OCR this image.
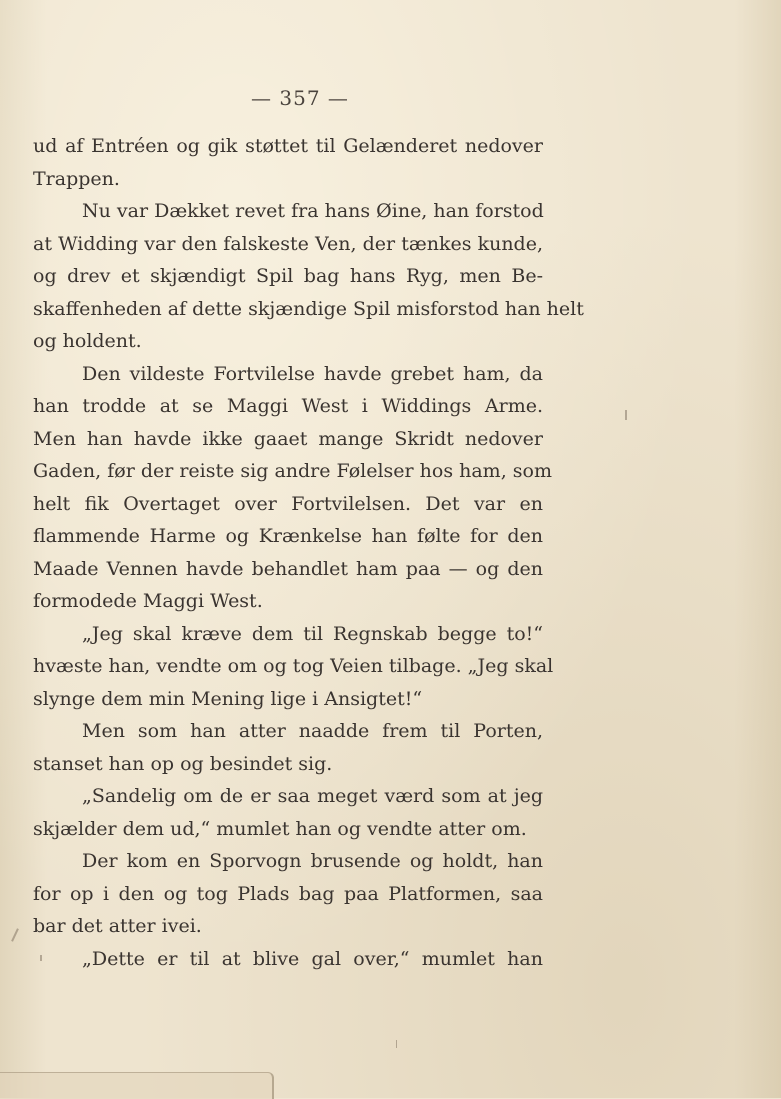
— 357 —
ud af Entréen og gik støttet til Gelænderet nedover
Trappen.
Nu var Dækket revet fra hans Øine, han forstod
at Widding var den falskeste Ven, der tænkes kunde,
og drev et skjændigt Spil bag hans Ryg, men Be-
skaffenheden af dette skjændige Spil misforstod han helt
og holdent.
Den vildeste Fortvilelse havde grebet ham, da
han trodde at se Maggi West i Widdings Arme.
Men han havde ikke gaaet mange Skridt nedover
Gaden, før der reiste sig andre Følelser hos ham, som
helt fik Overtaget over Fortvilelsen. Det var en
flammende Harme og Krænkelse han følte for den
Maade Vennen havde behandlet ham paa — og den
formodede Maggi West.
„Jeg skal kræve dem til Regnskab begge to!“
hvæste han, vendte om og tog Veien tilbage. „Jeg skal
slynge dem min Mening lige i Ansigtet!“
Men som han atter naadde frem til Porten,
stanset han op og besindet sig.
„Sandelig om de er saa meget værd som at jeg
skjælder dem ud,“ mumlet han og vendte atter om.
Der kom en Sporvogn brusende og holdt, han
for op i den og tog Plads bag paa Platformen, saa
bar det atter ivei.
„Dette er til at blive gal over,“ mumlet han
